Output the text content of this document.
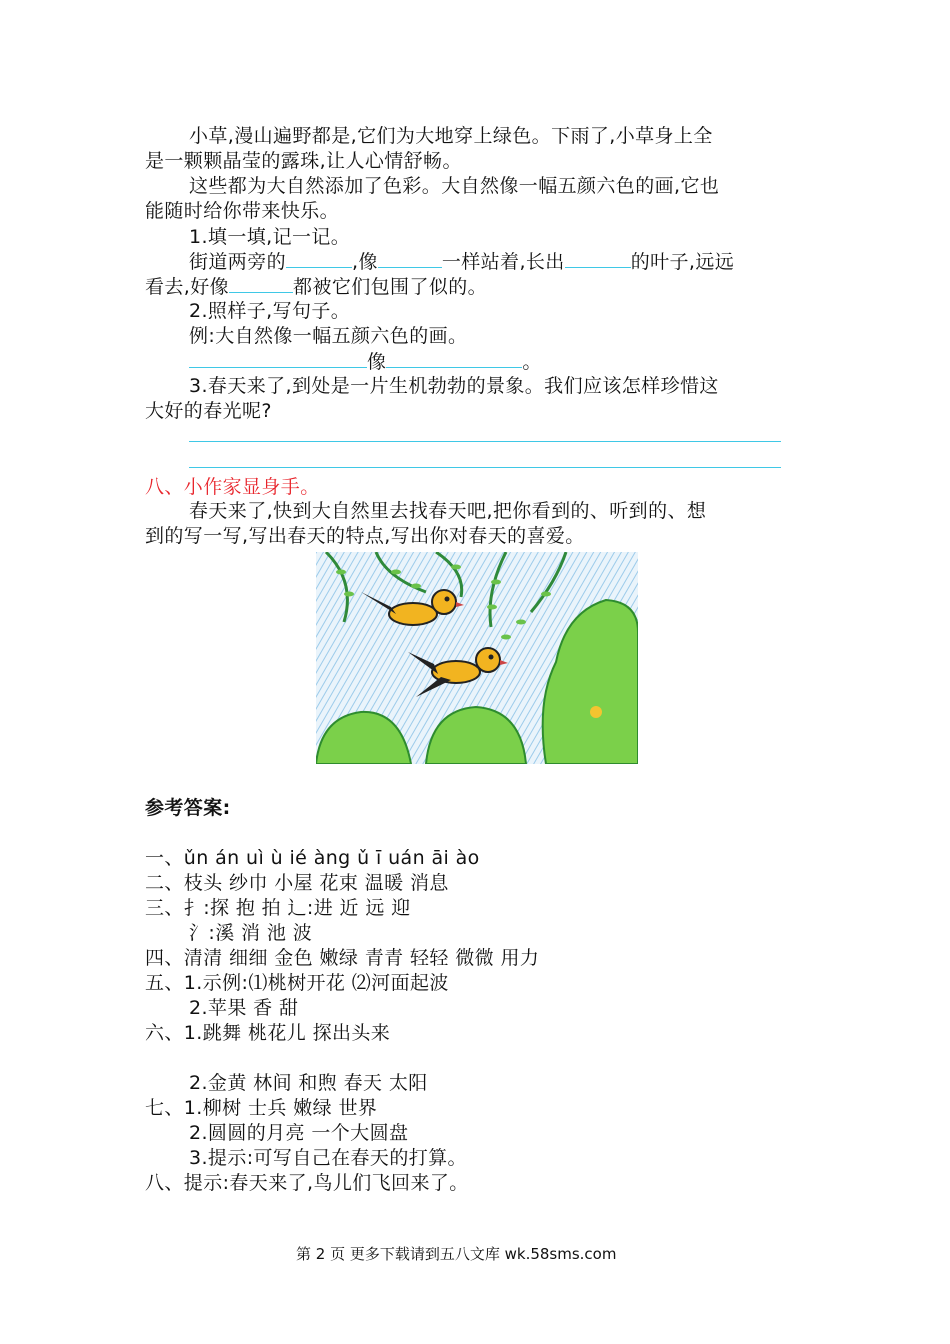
小草,漫山遍野都是,它们为大地穿上绿色。下雨了,小草身上全
是一颗颗晶莹的露珠,让人心情舒畅。
这些都为大自然添加了色彩。大自然像一幅五颜六色的画,它也
能随时给你带来快乐。
1.填一填,记一记。
街道两旁的	,像	一样站着,长出	的叶子,远远
看去,好像	都被它们包围了似的。
2.照样子,写句子。
例:大自然像一幅五颜六色的画。
像	。
3.春天来了,到处是一片生机勃勃的景象。我们应该怎样珍惜这
大好的春光呢?
八、小作家显身手。
春天来了,快到大自然里去找春天吧,把你看到的、听到的、想
到的写一写,写出春天的特点,写出你对春天的喜爱。
参考答案:
一、ǔn án uì ù ié àng ǔ ī uán āi ào
二、枝头 纱巾 小屋 花束 温暖 消息
三、扌:探 抱 拍 辶:进 近 远 迎
氵:溪 消 池 波
四、清清 细细 金色 嫩绿 青青 轻轻 微微 用力
五、1.示例:⑴桃树开花 ⑵河面起波
2.苹果 香 甜
六、1.跳舞 桃花儿 探出头来
2.金黄 林间 和煦 春天 太阳
七、1.柳树 士兵 嫩绿 世界
2.圆圆的月亮 一个大圆盘
3.提示:可写自己在春天的打算。
八、提示:春天来了,鸟儿们飞回来了。
第 2 页 更多下载请到五八文库 wk.58sms.com
